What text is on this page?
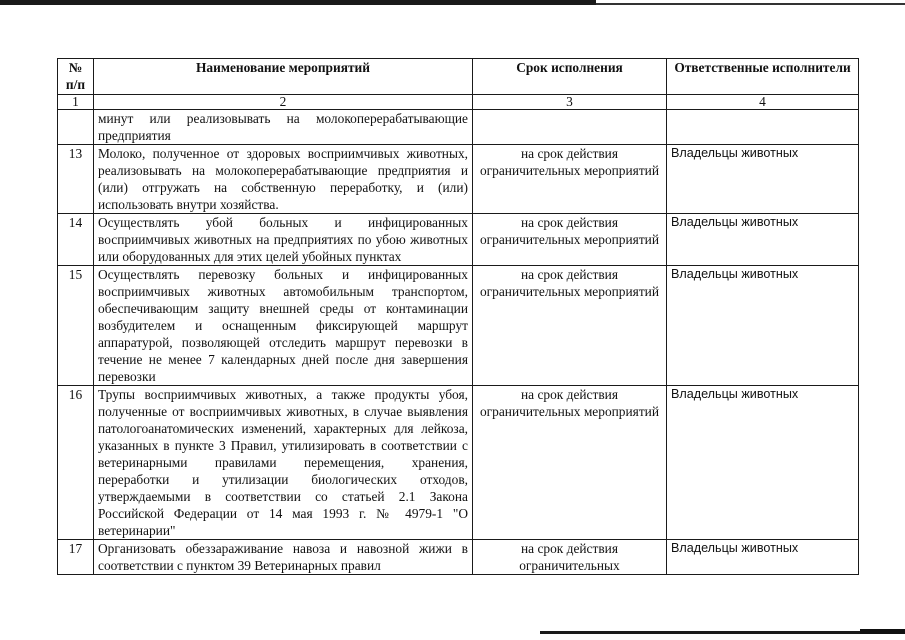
№ п/п	Наименование мероприятий	Срок исполнения	Ответственные исполнители
1	2	3	4
	минут или реализовывать на молокоперерабатывающие предприятия		
13	Молоко, полученное от здоровых восприимчивых животных, реализовывать на молокоперерабатывающие предприятия и (или) отгружать на собственную переработку, и (или) использовать внутри хозяйства.	на срок действия ограничительных мероприятий	Владельцы животных
14	Осуществлять убой больных и инфицированных восприимчивых животных на предприятиях по убою животных или оборудованных для этих целей убойных пунктах	на срок действия ограничительных мероприятий	Владельцы животных
15	Осуществлять перевозку больных и инфицированных восприимчивых животных автомобильным транспортом, обеспечивающим защиту внешней среды от контаминации возбудителем и оснащенным фиксирующей маршрут аппаратурой, позволяющей отследить маршрут перевозки в течение не менее 7 календарных дней после дня завершения перевозки	на срок действия ограничительных мероприятий	Владельцы животных
16	Трупы восприимчивых животных, а также продукты убоя, полученные от восприимчивых животных, в случае выявления патологоанатомических изменений, характерных для лейкоза, указанных в пункте 3 Правил, утилизировать в соответствии с ветеринарными правилами перемещения, хранения, переработки и утилизации биологических отходов, утверждаемыми в соответствии со статьей 2.1 Закона Российской Федерации от 14 мая 1993 г. № 4979-1 "О ветеринарии"	на срок действия ограничительных мероприятий	Владельцы животных
17	Организовать обеззараживание навоза и навозной жижи в соответствии с пунктом 39 Ветеринарных правил	на срок действия ограничительных	Владельцы животных
